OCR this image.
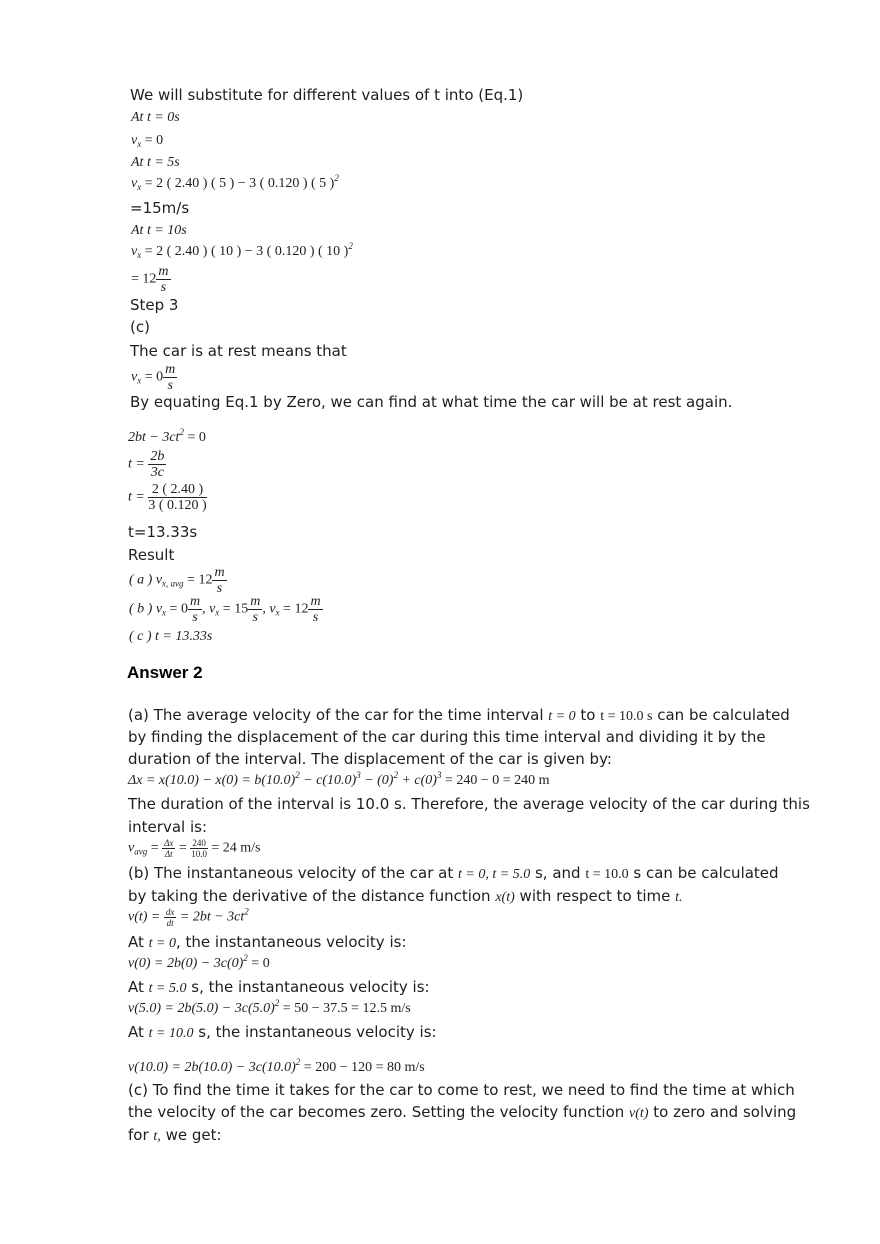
We will substitute for different values of t into (Eq.1)
At t = 0s
$v_x = 0$
At t = 5s
$v_x = 2$ ( 2.40 ) ( 5 ) − 3 ( 0.120 ) ( 5 )$^2$
=15m/s
At t = 10s
$v_x = 2$ ( 2.40 ) ( 10 ) − 3 ( 0.120 ) ( 10 )$^2$
= $12 \frac{m}{s}$
Step 3
(c)
The car is at rest means that
$v_x = 0 \frac{m}{s}$
By equating Eq.1 by Zero, we can find at what time the car will be at rest again.
$2bt - 3ct^2 = 0$
$t = \frac{2b}{3c}$
$t = \frac{2 ( 2.40 )}{3 ( 0.120 )}$
t=13.33s
Result
( a ) $v_{x, avg} = 12 \frac{m}{s}$
( b ) $v_x = 0 \frac{m}{s}$ , $v_x = 15 \frac{m}{s}$ , $v_x = 12 \frac{m}{s}$
( c ) t = 13.33s
Answer 2
(a) The average velocity of the car for the time interval t = 0 to t = 10.0 s can be calculated
by finding the displacement of the car during this time interval and dividing it by the
duration of the interval. The displacement of the car is given by:
$\Delta x = x(10.0) - x(0) = b(10.0)^2 - c(10.0)^3 - (0)^2 + c(0)^3 = 240 - 0 = 240$ m
The duration of the interval is 10.0 s. Therefore, the average velocity of the car during this
interval is:
$v_{avg} = \frac{\Delta x}{\Delta t} = \frac{240}{10.0} = 24$ m/s
(b) The instantaneous velocity of the car at t = 0, t = 5.0 s, and t = 10.0 s can be calculated
by taking the derivative of the distance function x(t) with respect to time t.
$v(t) = \frac{dx}{dt} = 2bt - 3ct^2$
At t = 0, the instantaneous velocity is:
$v(0) = 2b(0) - 3c(0)^2 = 0$
At t = 5.0 s, the instantaneous velocity is:
$v(5.0) = 2b(5.0) - 3c(5.0)^2 = 50 - 37.5 = 12.5$ m/s
At t = 10.0 s, the instantaneous velocity is:
$v(10.0) = 2b(10.0) - 3c(10.0)^2 = 200 - 120 = 80$ m/s
(c) To find the time it takes for the car to come to rest, we need to find the time at which
the velocity of the car becomes zero. Setting the velocity function v(t) to zero and solving
for t, we get:
